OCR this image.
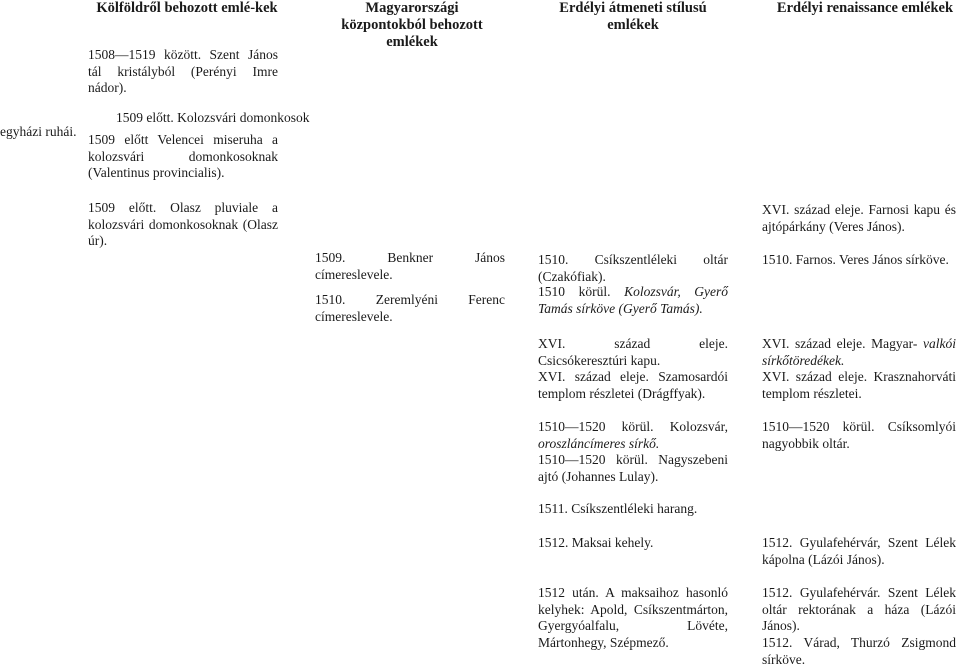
Kölföldről behozott emlé-kek	Magyarországi központokból behozott emlékek
Erdélyi átmeneti stílusú emlékek
Erdélyi renaissance emlékek
egyházi ruhái.

1508—1519 között. Szent János tál kristályból (Perényi Imre nádor).

1509 előtt. Kolozsvári domonkosok

1509 előtt Velencei miseruha a kolozsvári domonkosoknak (Valentinus provincialis).

1509 előtt. Olasz pluviale a kolozsvári domonkosoknak (Olasz úr).

1509.	Benkner János címereslevele.

1510. Zeremlyéni Ferenc címereslevele.

1510. Csíkszentléleki oltár (Czakófiak).

1510 körül. Kolozsvár, Gyerő Tamás sírköve (Gyerő Tamás).

XVI. század eleje. Csicsókeresztúri kapu.

XVI. század eleje. Szamosardói templom részletei (Drágffyak).

1510—1520 körül. Kolozsvár, oroszláncímeres sírkő.

1510—1520 körül. Nagyszebeni ajtó (Johannes Lulay).

1511. Csíkszentléleki harang.

1512. Maksai kehely.

1512 után. A maksaihoz hasonló kelyhek: Apold, Csíkszentmárton, Gyergyóalfalu, Lövéte, Mártonhegy, Szépmező.

XVI. század eleje. Farnosi kapu és ajtópárkány (Veres János).

1510. Farnos. Veres János sírköve.

XVI. század eleje. Magyar- valkói sírkőtöredékek.

XVI. század eleje. Krasznahorváti templom részletei.

1510—1520 körül. Csíksomlyói nagyobbik oltár.

1512. Gyulafehérvár, Szent Lélek kápolna (Lázói János).

1512. Gyulafehérvár. Szent Lélek oltár rektorának a háza (Lázói János).

1512. Várad, Thurzó Zsigmond sírköve.
